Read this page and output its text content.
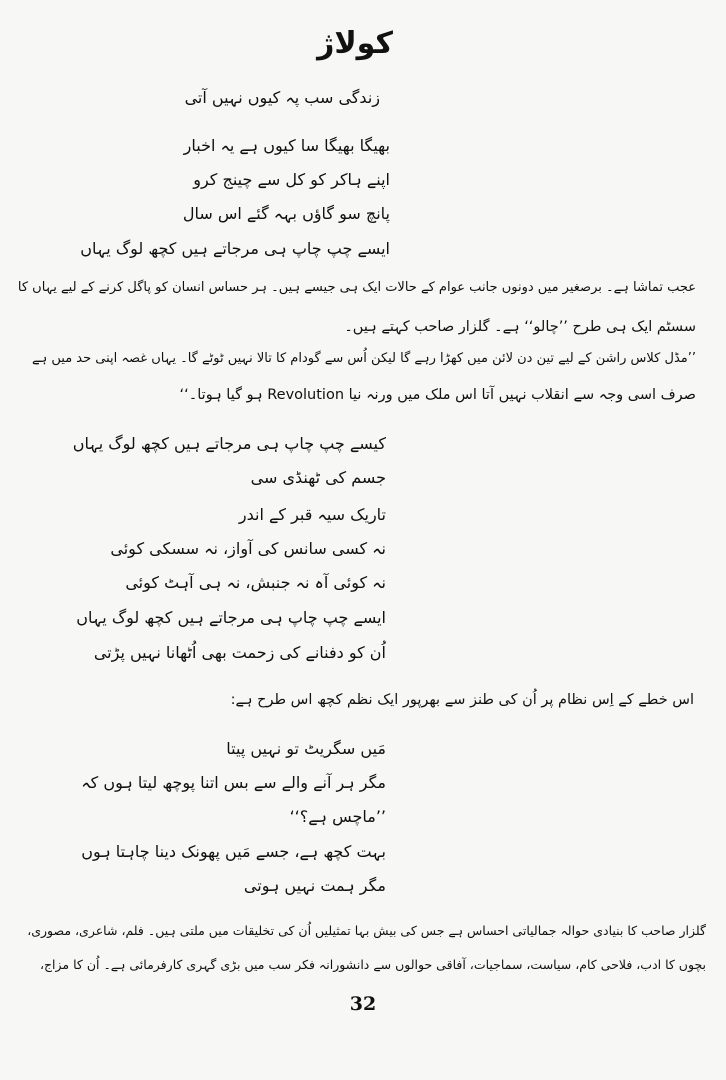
کولاژ
زندگی سب پہ کیوں نہیں آتی
بھیگا بھیگا سا کیوں ہے یہ اخبار
اپنے ہاکر کو کل سے چینج کرو
پانچ سو گاؤں بہہ گئے اس سال
ایسے چپ چاپ ہی مرجاتے ہیں کچھ لوگ یہاں
عجب تماشا ہے۔ برصغیر میں دونوں جانب عوام کے حالات ایک ہی جیسے ہیں۔ ہر حساس انسان کو پاگل کرنے کے لیے یہاں کا
سسٹم ایک ہی طرح ’’چالو‘‘ ہے۔ گلزار صاحب کہتے ہیں۔
’’مڈل کلاس راشن کے لیے تین دن لائن میں کھڑا رہے گا لیکن اُس سے گودام کا تالا نہیں ٹوٹے گا۔ یہاں غصہ اپنی حد میں ہے
صرف اسی وجہ سے انقلاب نہیں آتا اس ملک میں ورنہ نیا Revolution ہو گیا ہوتا۔‘‘
کیسے چپ چاپ ہی مرجاتے ہیں کچھ لوگ یہاں
جسم کی ٹھنڈی سی
تاریک سیہ قبر کے اندر
نہ کسی سانس کی آواز، نہ سسکی کوئی
نہ کوئی آہ نہ جنبش، نہ ہی آہٹ کوئی
ایسے چپ چاپ ہی مرجاتے ہیں کچھ لوگ یہاں
اُن کو دفنانے کی زحمت بھی اُٹھانا نہیں پڑتی
اس خطے کے اِس نظام پر اُن کی طنز سے بھرپور ایک نظم کچھ اس طرح ہے:
مَیں سگریٹ تو نہیں پیتا
مگر ہر آنے والے سے بس اتنا پوچھ لیتا ہوں کہ
’’ماچس ہے؟‘‘
بہت کچھ ہے، جسے مَیں پھونک دینا چاہتا ہوں
مگر ہمت نہیں ہوتی
گلزار صاحب کا بنیادی حوالہ جمالیاتی احساس ہے جس کی بیش بہا تمثیلیں اُن کی تخلیقات میں ملتی ہیں۔ فلم، شاعری، مصوری،
بچوں کا ادب، فلاحی کام، سیاست، سماجیات، آفاقی حوالوں سے دانشورانہ فکر سب میں بڑی گہری کارفرمائی ہے۔ اُن کا مزاج،
32
